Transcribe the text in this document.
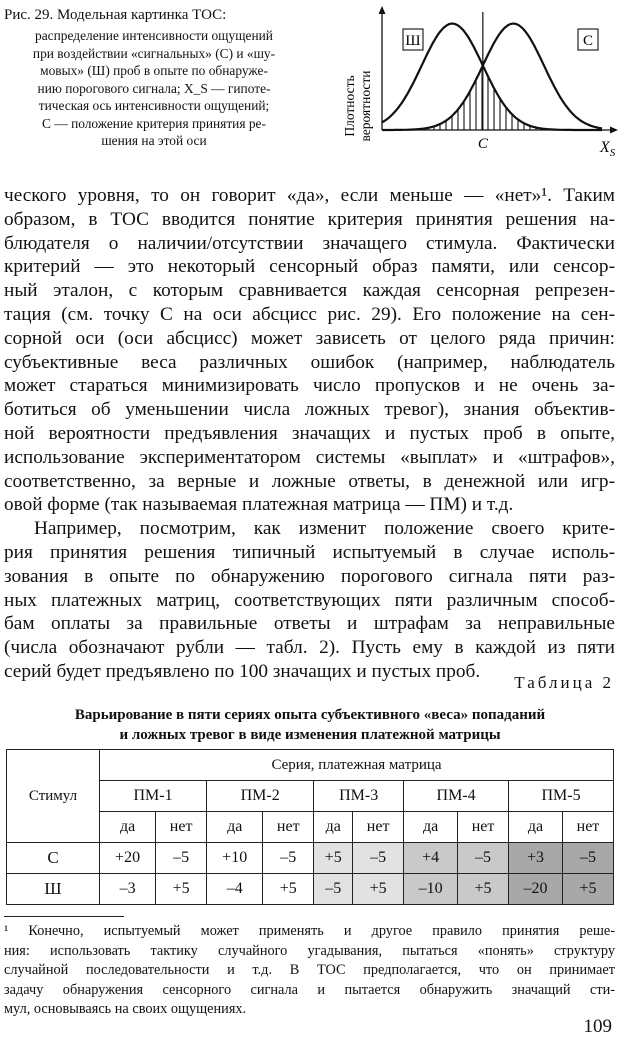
Рис. 29. Модельная картинка ТОС:
распределение интенсивности ощущений
при воздействии «сигнальных» (С) и «шу-
мовых» (Ш) проб в опыте по обнаруже-
нию порогового сигнала; X_S — гипоте-
тическая ось интенсивности ощущений;
С — положение критерия принятия ре-
шения на этой оси
Плотность вероятности
C
Ш	С
$X_S$
ческого уровня, то он говорит «да», если меньше — «нет»¹. Таким
образом, в ТОС вводится понятие критерия принятия решения на-
блюдателя о наличии/отсутствии значащего стимула. Фактически
критерий — это некоторый сенсорный образ памяти, или сенсор-
ный эталон, с которым сравнивается каждая сенсорная репрезен-
тация (см. точку С на оси абсцисс рис. 29). Его положение на сен-
сорной оси (оси абсцисс) может зависеть от целого ряда причин:
субъективные веса различных ошибок (например, наблюдатель
может стараться минимизировать число пропусков и не очень за-
ботиться об уменьшении числа ложных тревог), знания объектив-
ной вероятности предъявления значащих и пустых проб в опыте,
использование экспериментатором системы «выплат» и «штрафов»,
соответственно, за верные и ложные ответы, в денежной или игр-
овой форме (так называемая платежная матрица — ПМ) и т.д.
Например, посмотрим, как изменит положение своего крите-
рия принятия решения типичный испытуемый в случае исполь-
зования в опыте по обнаружению порогового сигнала пяти раз-
ных платежных матриц, соответствующих пяти различным способ-
бам оплаты за правильные ответы и штрафам за неправильные
(числа обозначают рубли — табл. 2). Пусть ему в каждой из пяти
серий будет предъявлено по 100 значащих и пустых проб.
Таблица 2
Варьирование в пяти сериях опыта субъективного «веса» попаданий
и ложных тревог в виде изменения платежной матрицы
Стимул	Серия, платежная матрица									
	ПМ-1		ПМ-2		ПМ-3		ПМ-4		ПМ-5	
	да	нет	да	нет	да	нет	да	нет	да	нет
С	+20	–5	+10	–5	+5	–5	+4	–5	+3	–5
Ш	–3	+5	–4	+5	–5	+5	–10	+5	–20	+5
¹ Конечно, испытуемый может применять и другое правило принятия реше-
ния: использовать тактику случайного угадывания, пытаться «понять» структуру
случайной последовательности и т.д. В ТОС предполагается, что он принимает
задачу обнаружения сенсорного сигнала и пытается обнаружить значащий сти-
мул, основываясь на своих ощущениях.
109
